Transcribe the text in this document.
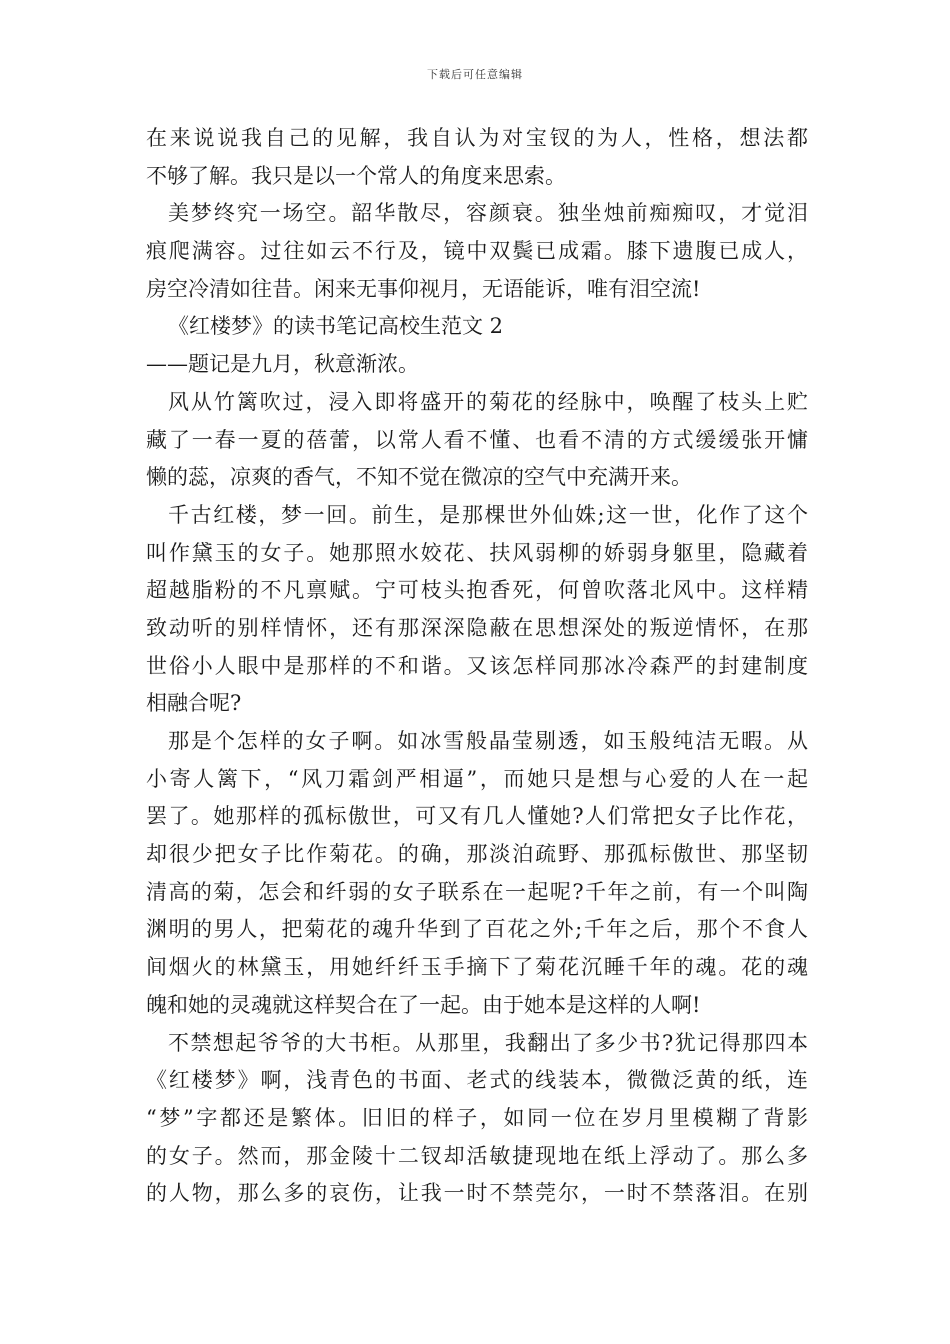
下载后可任意编辑
在来说说我自己的见解，我自认为对宝钗的为人，性格，想法都
不够了解。我只是以一个常人的角度来思索。
美梦终究一场空。韶华散尽，容颜衰。独坐烛前痴痴叹，才觉泪
痕爬满容。过往如云不行及，镜中双鬓已成霜。膝下遗腹已成人，
房空冷清如往昔。闲来无事仰视月，无语能诉，唯有泪空流!
《红楼梦》的读书笔记高校生范文 2
——题记是九月，秋意渐浓。
风从竹篱吹过，浸入即将盛开的菊花的经脉中，唤醒了枝头上贮
藏了一春一夏的蓓蕾，以常人看不懂、也看不清的方式缓缓张开慵
懒的蕊，凉爽的香气，不知不觉在微凉的空气中充满开来。
千古红楼，梦一回。前生，是那棵世外仙姝;这一世，化作了这个
叫作黛玉的女子。她那照水姣花、扶风弱柳的娇弱身躯里，隐藏着
超越脂粉的不凡禀赋。宁可枝头抱香死，何曾吹落北风中。这样精
致动听的别样情怀，还有那深深隐蔽在思想深处的叛逆情怀，在那
世俗小人眼中是那样的不和谐。又该怎样同那冰冷森严的封建制度
相融合呢?
那是个怎样的女子啊。如冰雪般晶莹剔透，如玉般纯洁无暇。从
小寄人篱下，“风刀霜剑严相逼”，而她只是想与心爱的人在一起
罢了。她那样的孤标傲世，可又有几人懂她?人们常把女子比作花，
却很少把女子比作菊花。的确，那淡泊疏野、那孤标傲世、那坚韧
清高的菊，怎会和纤弱的女子联系在一起呢?千年之前，有一个叫陶
渊明的男人，把菊花的魂升华到了百花之外;千年之后，那个不食人
间烟火的林黛玉，用她纤纤玉手摘下了菊花沉睡千年的魂。花的魂
魄和她的灵魂就这样契合在了一起。由于她本是这样的人啊!
不禁想起爷爷的大书柜。从那里，我翻出了多少书?犹记得那四本
《红楼梦》啊，浅青色的书面、老式的线装本，微微泛黄的纸，连
“梦”字都还是繁体。旧旧的样子，如同一位在岁月里模糊了背影
的女子。然而，那金陵十二钗却活敏捷现地在纸上浮动了。那么多
的人物，那么多的哀伤，让我一时不禁莞尔，一时不禁落泪。在别
